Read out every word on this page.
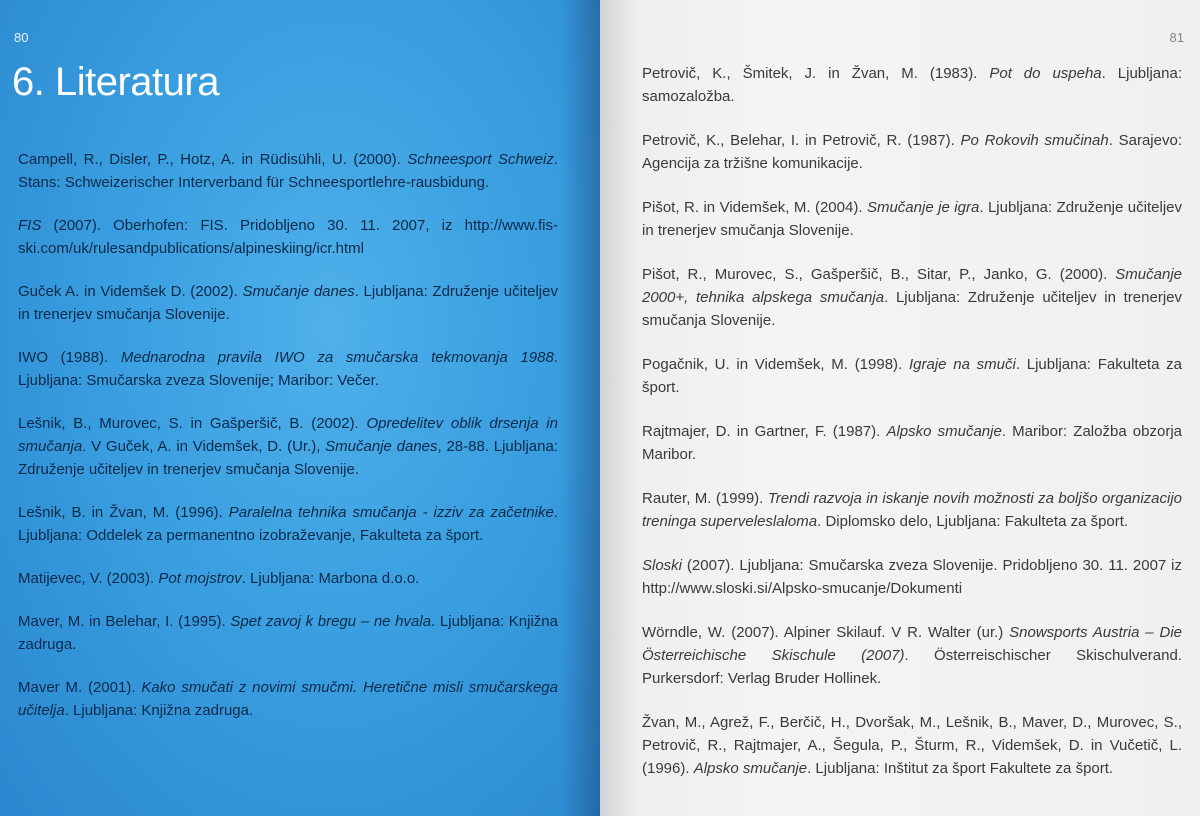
80
6. Literatura
Campell, R., Disler, P., Hotz, A. in Rüdisühli, U. (2000). Schneesport Schweiz. Stans: Schweizerischer Interverband für Schneesportlehre-rausbidung.
FIS (2007). Oberhofen: FIS. Pridobljeno 30. 11. 2007, iz http://www.fis-ski.com/uk/rulesandpublications/alpineskiing/icr.html
Guček A. in Videmšek D. (2002). Smučanje danes. Ljubljana: Združenje učiteljev in trenerjev smučanja Slovenije.
IWO (1988). Mednarodna pravila IWO za smučarska tekmovanja 1988. Ljubljana: Smučarska zveza Slovenije; Maribor: Večer.
Lešnik, B., Murovec, S. in Gašperšič, B. (2002). Opredelitev oblik drsenja in smučanja. V Guček, A. in Videmšek, D. (Ur.), Smučanje danes, 28-88. Ljubljana: Združenje učiteljev in trenerjev smučanja Slovenije.
Lešnik, B. in Žvan, M. (1996). Paralelna tehnika smučanja - izziv za začetnike. Ljubljana: Oddelek za permanentno izobraževanje, Fakulteta za šport.
Matijevec, V. (2003). Pot mojstrov. Ljubljana: Marbona d.o.o.
Maver, M. in Belehar, I. (1995). Spet zavoj k bregu – ne hvala. Ljubljana: Knjižna zadruga.
Maver M. (2001). Kako smučati z novimi smučmi. Heretične misli smučarskega učitelja. Ljubljana: Knjižna zadruga.
81
Petrovič, K., Šmitek, J. in Žvan, M. (1983). Pot do uspeha. Ljubljana: samozaložba.
Petrovič, K., Belehar, I. in Petrovič, R. (1987). Po Rokovih smučinah. Sarajevo: Agencija za tržišne komunikacije.
Pišot, R. in Videmšek, M. (2004). Smučanje je igra. Ljubljana: Združenje učiteljev in trenerjev smučanja Slovenije.
Pišot, R., Murovec, S., Gašperšič, B., Sitar, P., Janko, G. (2000). Smučanje 2000+, tehnika alpskega smučanja. Ljubljana: Združenje učiteljev in trenerjev smučanja Slovenije.
Pogačnik, U. in Videmšek, M. (1998). Igraje na smuči. Ljubljana: Fakulteta za šport.
Rajtmajer, D. in Gartner, F. (1987). Alpsko smučanje. Maribor: Založba obzorja Maribor.
Rauter, M. (1999). Trendi razvoja in iskanje novih možnosti za boljšo organizacijo treninga superveleslaloma. Diplomsko delo, Ljubljana: Fakulteta za šport.
Sloski (2007). Ljubljana: Smučarska zveza Slovenije. Pridobljeno 30. 11. 2007 iz http://www.sloski.si/Alpsko-smucanje/Dokumenti
Wörndle, W. (2007). Alpiner Skilauf. V R. Walter (ur.) Snowsports Austria – Die Österreichische Skischule (2007). Österreischischer Skischulverand. Purkersdorf: Verlag Bruder Hollinek.
Žvan, M., Agrež, F., Berčič, H., Dvoršak, M., Lešnik, B., Maver, D., Murovec, S., Petrovič, R., Rajtmajer, A., Šegula, P., Šturm, R., Videmšek, D. in Vučetič, L. (1996). Alpsko smučanje. Ljubljana: Inštitut za šport Fakultete za šport.
